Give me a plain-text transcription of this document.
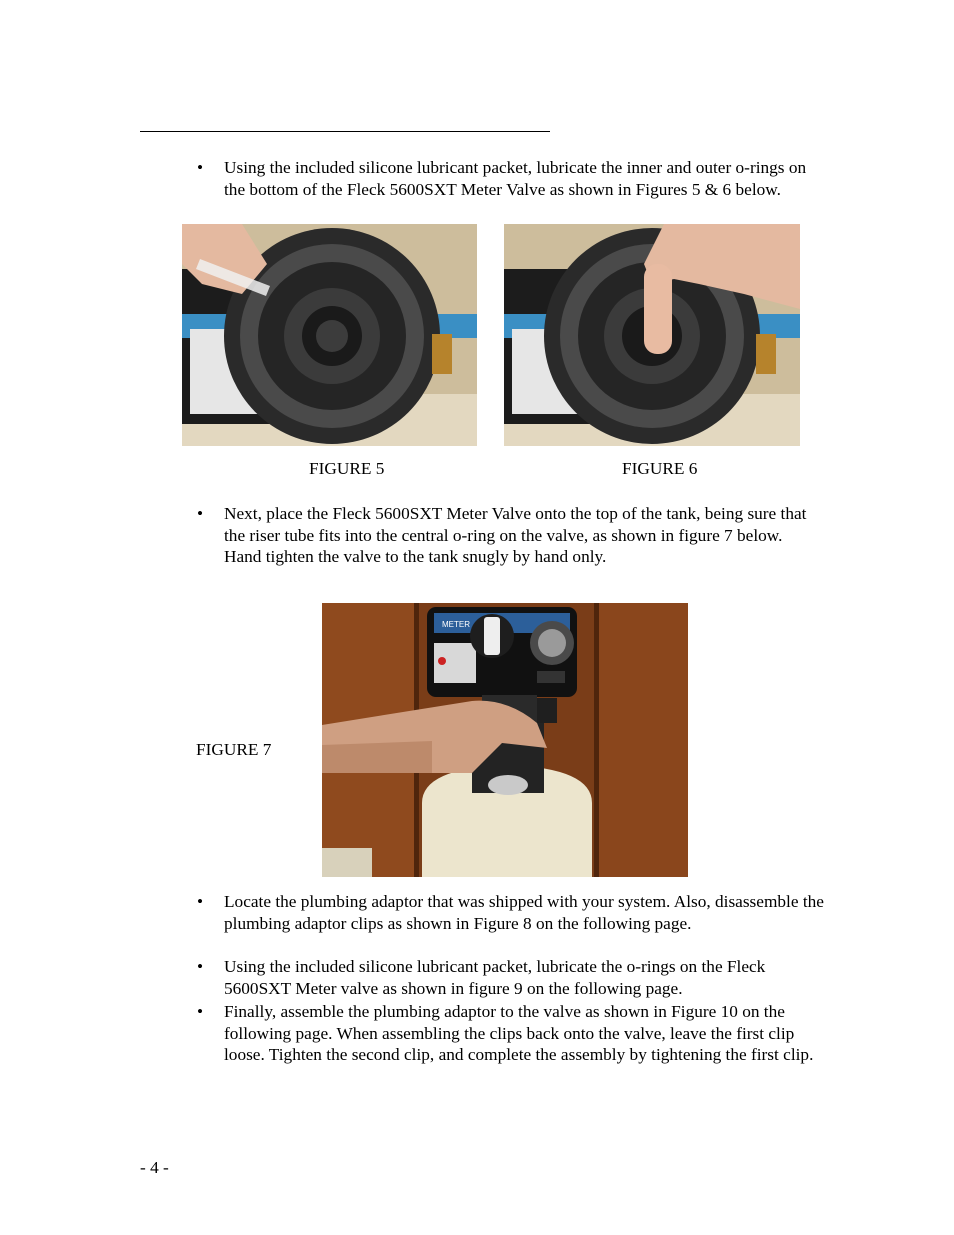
•	Using the included silicone lubricant packet, lubricate the inner and outer o-rings on the bottom of the Fleck 5600SXT Meter Valve as shown in Figures 5 & 6 below.
FIGURE 5	FIGURE 6
•	Next, place the Fleck 5600SXT Meter Valve onto the top of the tank, being sure that the riser tube fits into the central o-ring on the valve, as shown in figure 7 below. Hand tighten the valve to the tank snugly by hand only.
FIGURE 7
METER
•	Locate the plumbing adaptor that was shipped with your system. Also, disassemble the plumbing adaptor clips as shown in Figure 8 on the following page.
•	Using the included silicone lubricant packet, lubricate the o-rings on the Fleck 5600SXT Meter valve as shown in figure 9 on the following page.
•	Finally, assemble the plumbing adaptor to the valve as shown in Figure 10 on the following page. When assembling the clips back onto the valve, leave the first clip loose. Tighten the second clip, and complete the assembly by tightening the first clip.
- 4 -
